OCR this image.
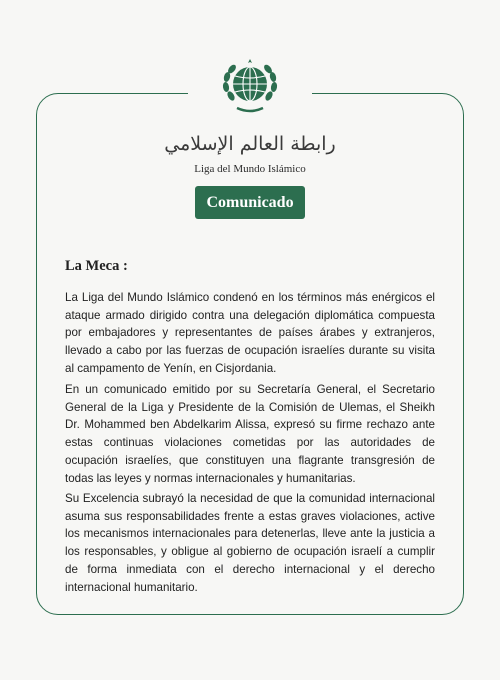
رابطة العالم الإسلامي
Liga del Mundo Islámico
Comunicado
La Meca :

La Liga del Mundo Islámico condenó en los términos más enérgicos el ataque armado dirigido contra una delegación diplomática compuesta por embajadores y representantes de países árabes y extranjeros, llevado a cabo por las fuerzas de ocupación israelíes durante su visita al campamento de Yenín, en Cisjordania.

En un comunicado emitido por su Secretaría General, el Secretario General de la Liga y Presidente de la Comisión de Ulemas, el Sheikh Dr. Mohammed ben Abdelkarim Alissa, expresó su firme rechazo ante estas continuas violaciones cometidas por las autoridades de ocupación israelíes, que constituyen una flagrante transgresión de todas las leyes y normas internacionales y humanitarias.

Su Excelencia subrayó la necesidad de que la comunidad internacional asuma sus responsabilidades frente a estas graves violaciones, active los mecanismos internacionales para detenerlas, lleve ante la justicia a los responsables, y obligue al gobierno de ocupación israelí a cumplir de forma inmediata con el derecho internacional y el derecho internacional humanitario.
